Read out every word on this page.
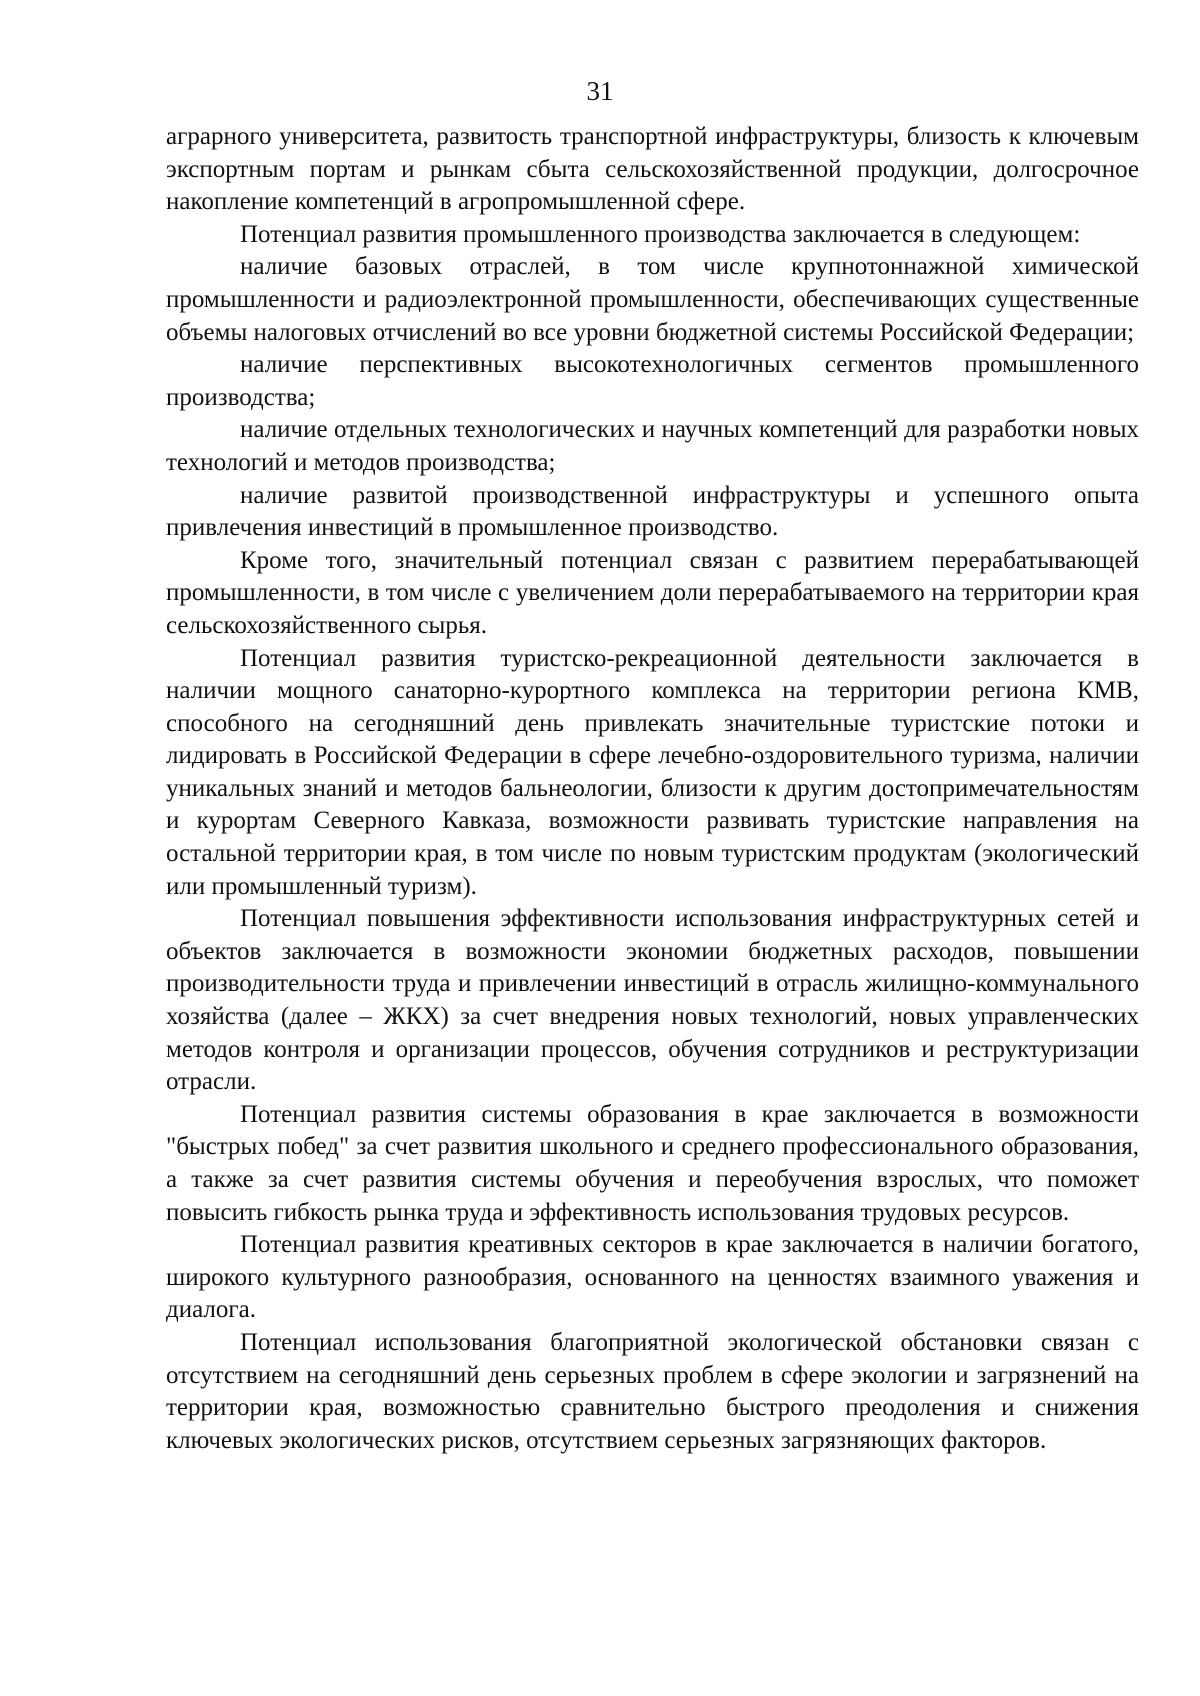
31

аграрного университета, развитость транспортной инфраструктуры, близость к ключевым экспортным портам и рынкам сбыта сельскохозяйственной продукции, долгосрочное накопление компетенций в агропромышленной сфере.

Потенциал развития промышленного производства заключается в следующем:

наличие базовых отраслей, в том числе крупнотоннажной химической промышленности и радиоэлектронной промышленности, обеспечивающих существенные объемы налоговых отчислений во все уровни бюджетной системы Российской Федерации;

наличие перспективных высокотехнологичных сегментов промышленного производства;

наличие отдельных технологических и научных компетенций для разработки новых технологий и методов производства;

наличие развитой производственной инфраструктуры и успешного опыта привлечения инвестиций в промышленное производство.

Кроме того, значительный потенциал связан с развитием перерабатывающей промышленности, в том числе с увеличением доли перерабатываемого на территории края сельскохозяйственного сырья.

Потенциал развития туристско-рекреационной деятельности заключается в наличии мощного санаторно-курортного комплекса на территории региона КМВ, способного на сегодняшний день привлекать значительные туристские потоки и лидировать в Российской Федерации в сфере лечебно-оздоровительного туризма, наличии уникальных знаний и методов бальнеологии, близости к другим достопримечательностям и курортам Северного Кавказа, возможности развивать туристские направления на остальной территории края, в том числе по новым туристским продуктам (экологический или промышленный туризм).

Потенциал повышения эффективности использования инфраструктурных сетей и объектов заключается в возможности экономии бюджетных расходов, повышении производительности труда и привлечении инвестиций в отрасль жилищно-коммунального хозяйства (далее – ЖКХ) за счет внедрения новых технологий, новых управленческих методов контроля и организации процессов, обучения сотрудников и реструктуризации отрасли.

Потенциал развития системы образования в крае заключается в возможности "быстрых побед" за счет развития школьного и среднего профессионального образования, а также за счет развития системы обучения и переобучения взрослых, что поможет повысить гибкость рынка труда и эффективность использования трудовых ресурсов.

Потенциал развития креативных секторов в крае заключается в наличии богатого, широкого культурного разнообразия, основанного на ценностях взаимного уважения и диалога.

Потенциал использования благоприятной экологической обстановки связан с отсутствием на сегодняшний день серьезных проблем в сфере экологии и загрязнений на территории края, возможностью сравнительно быстрого преодоления и снижения ключевых экологических рисков, отсутствием серьезных загрязняющих факторов.
